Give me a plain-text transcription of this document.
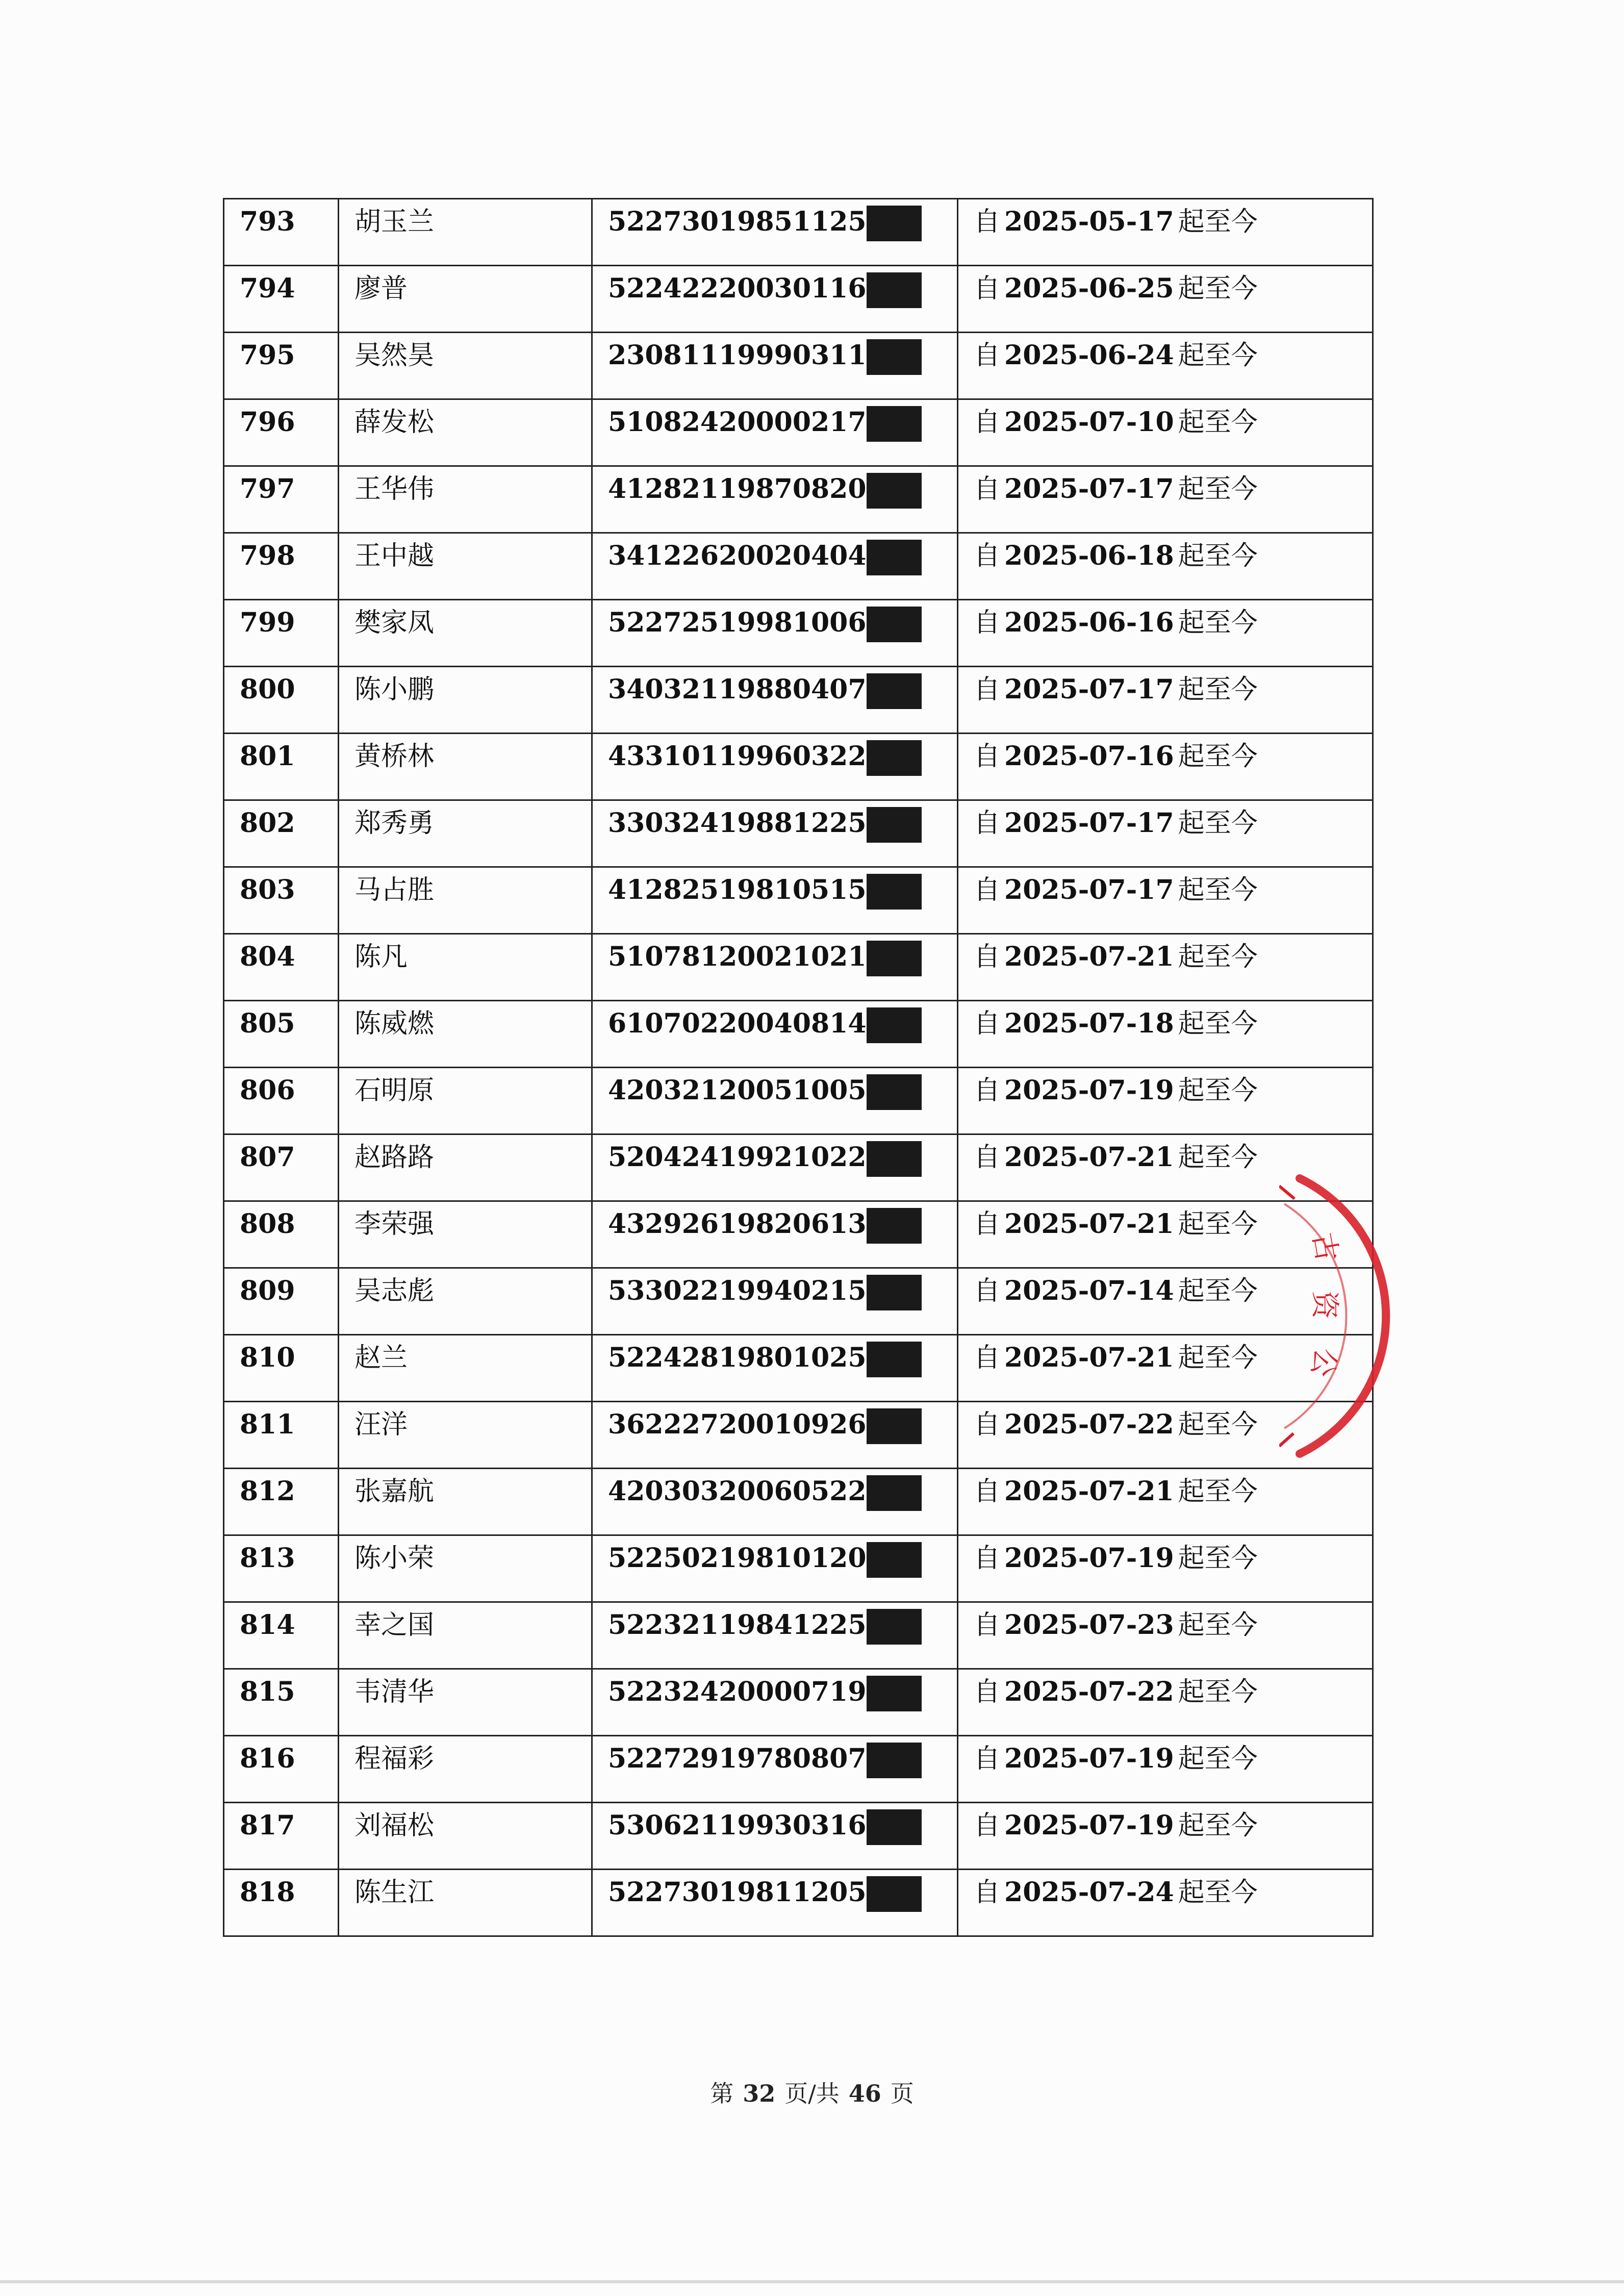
793	胡玉兰	52273019851125	自 2025-05-17 起至今
794	廖普	52242220030116	自 2025-06-25 起至今
795	吴然昊	23081119990311	自 2025-06-24 起至今
796	薛发松	51082420000217	自 2025-07-10 起至今
797	王华伟	41282119870820	自 2025-07-17 起至今
798	王中越	34122620020404	自 2025-06-18 起至今
799	樊家凤	52272519981006	自 2025-06-16 起至今
800	陈小鹏	34032119880407	自 2025-07-17 起至今
801	黄桥林	43310119960322	自 2025-07-16 起至今
802	郑秀勇	33032419881225	自 2025-07-17 起至今
803	马占胜	41282519810515	自 2025-07-17 起至今
804	陈凡	51078120021021	自 2025-07-21 起至今
805	陈威燃	61070220040814	自 2025-07-18 起至今
806	石明原	42032120051005	自 2025-07-19 起至今
807	赵路路	52042419921022	自 2025-07-21 起至今
808	李荣强	43292619820613	自 2025-07-21 起至今
809	吴志彪	53302219940215	自 2025-07-14 起至今
810	赵兰	52242819801025	自 2025-07-21 起至今
811	汪洋	36222720010926	自 2025-07-22 起至今
812	张嘉航	42030320060522	自 2025-07-21 起至今
813	陈小荣	52250219810120	自 2025-07-19 起至今
814	幸之国	52232119841225	自 2025-07-23 起至今
815	韦清华	52232420000719	自 2025-07-22 起至今
816	程福彩	52272919780807	自 2025-07-19 起至今
817	刘福松	53062119930316	自 2025-07-19 起至今
818	陈生江	52273019811205	自 2025-07-24 起至今
古
资
公
第 32 页/共 46 页
